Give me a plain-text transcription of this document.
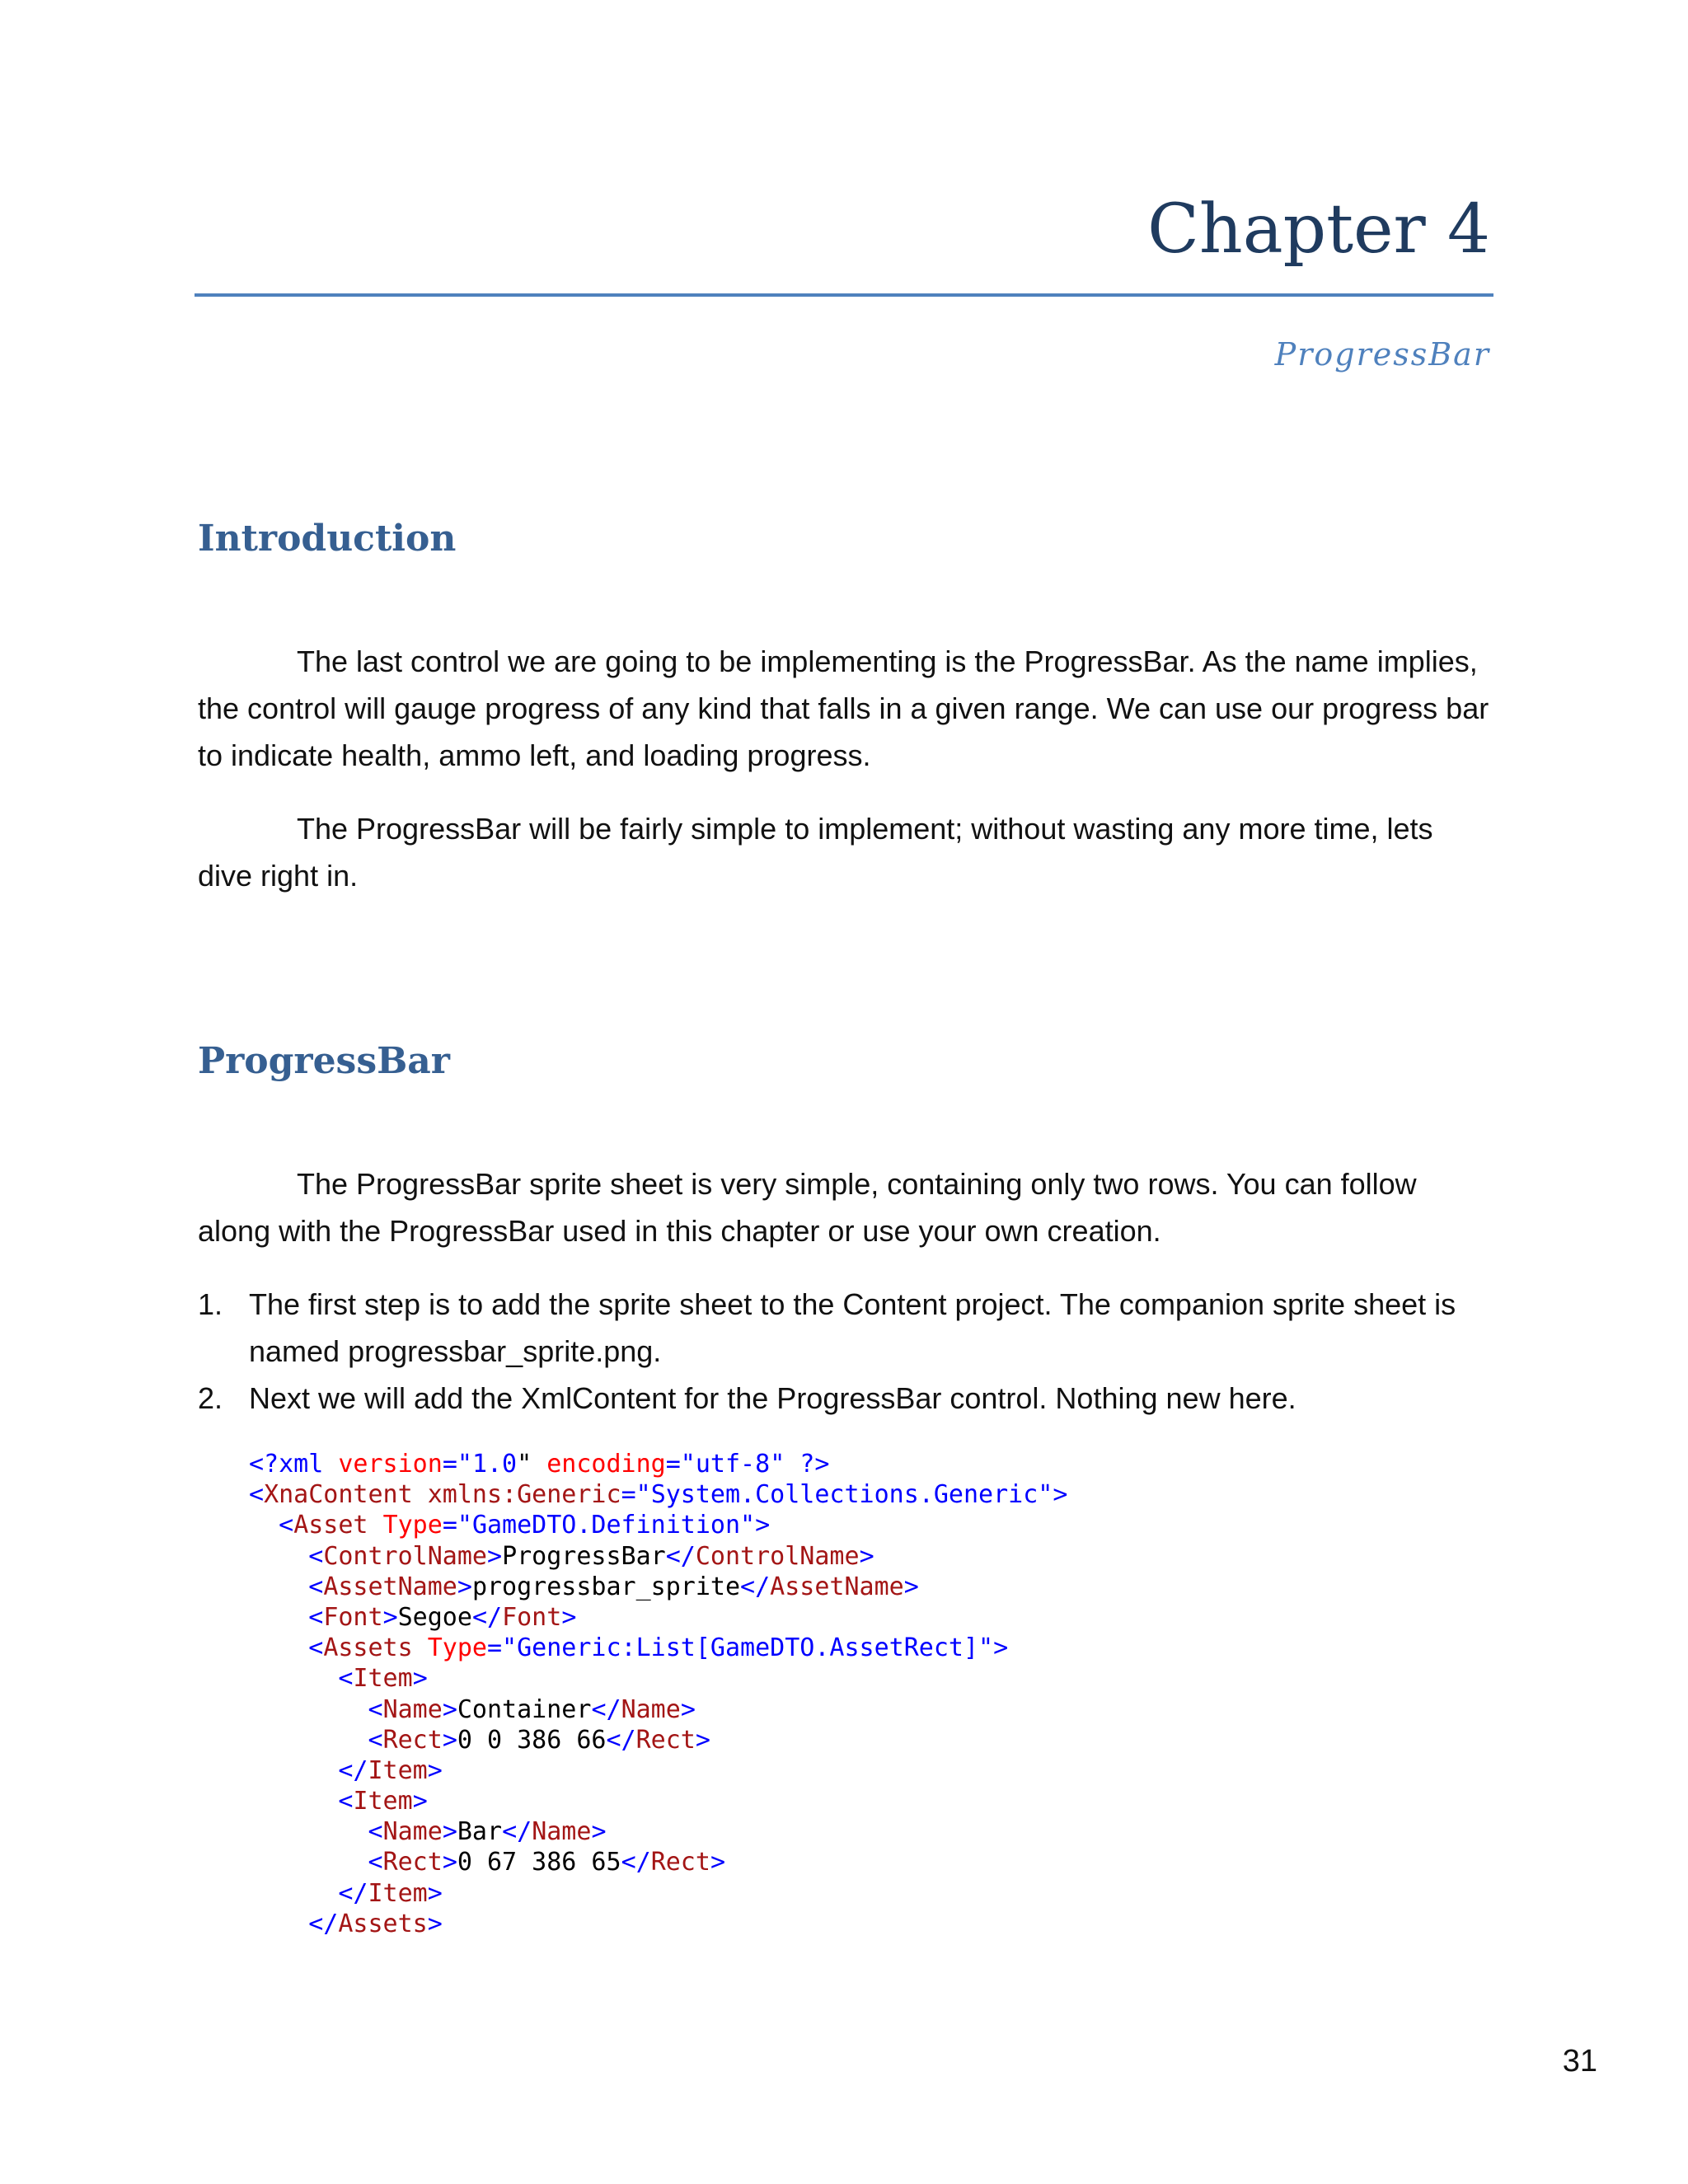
Chapter 4
ProgressBar
Introduction

The last control we are going to be implementing is the ProgressBar. As the name implies, the control will gauge progress of any kind that falls in a given range. We can use our progress bar to indicate health, ammo left, and loading progress.

The ProgressBar will be fairly simple to implement; without wasting any more time, lets dive right in.

ProgressBar

The ProgressBar sprite sheet is very simple, containing only two rows. You can follow along with the ProgressBar used in this chapter or use your own creation.

1. The first step is to add the sprite sheet to the Content project. The companion sprite sheet is named progressbar_sprite.png.
2. Next we will add the XmlContent for the ProgressBar control. Nothing new here.
<?xml version="1.0" encoding="utf-8" ?>
<XnaContent xmlns:Generic="System.Collections.Generic">
<Asset Type="GameDTO.Definition">
<ControlName>ProgressBar</ControlName>
<AssetName>progressbar_sprite</AssetName>
<Font>Segoe</Font>
<Assets Type="Generic:List[GameDTO.AssetRect]">
<Item>
<Name>Container</Name>
<Rect>0 0 386 66</Rect>
</Item>
<Item>
<Name>Bar</Name>
<Rect>0 67 386 65</Rect>
</Item>
</Assets>
31
